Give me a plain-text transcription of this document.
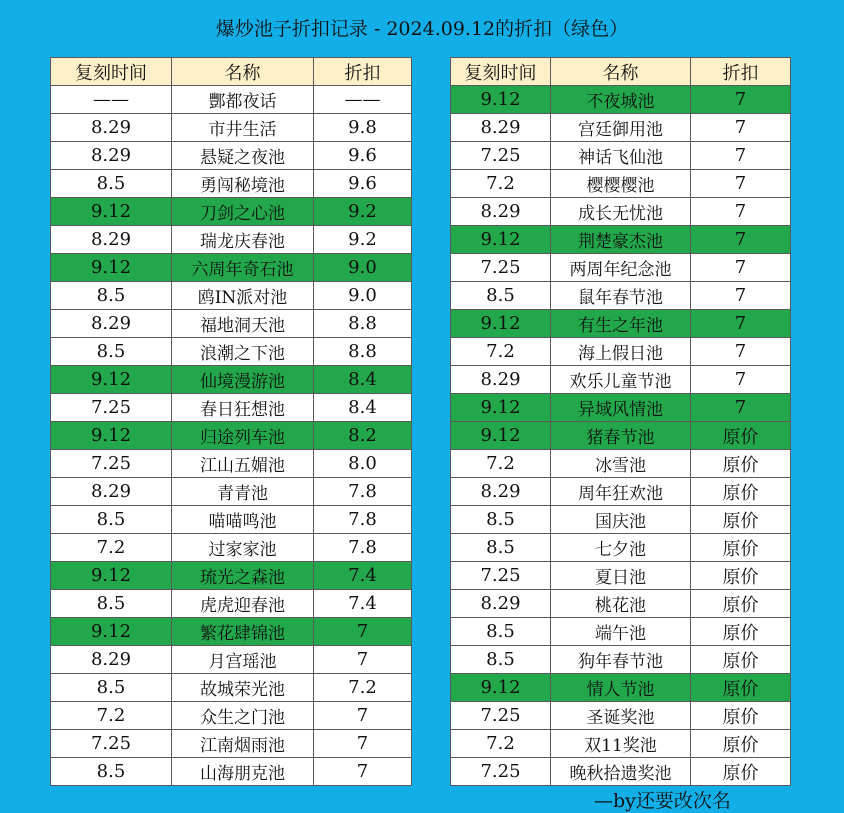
爆炒池子折扣记录 - 2024.09.12的折扣（绿色）
复刻时间	名称	折扣
——	酆都夜话	——
8.29	市井生活	9.8
8.29	悬疑之夜池	9.6
8.5	勇闯秘境池	9.6
9.12	刀剑之心池	9.2
8.29	瑞龙庆春池	9.2
9.12	六周年奇石池	9.0
8.5	鸥IN派对池	9.0
8.29	福地洞天池	8.8
8.5	浪潮之下池	8.8
9.12	仙境漫游池	8.4
7.25	春日狂想池	8.4
9.12	归途列车池	8.2
7.25	江山五媚池	8.0
8.29	青青池	7.8
8.5	喵喵鸣池	7.8
7.2	过家家池	7.8
9.12	琉光之森池	7.4
8.5	虎虎迎春池	7.4
9.12	繁花肆锦池	7
8.29	月宫瑶池	7
8.5	故城荣光池	7.2
7.2	众生之门池	7
7.25	江南烟雨池	7
8.5	山海朋克池	7
复刻时间	名称	折扣
9.12	不夜城池	7
8.29	宫廷御用池	7
7.25	神话飞仙池	7
7.2	樱樱樱池	7
8.29	成长无忧池	7
9.12	荆楚豪杰池	7
7.25	两周年纪念池	7
8.5	鼠年春节池	7
9.12	有生之年池	7
7.2	海上假日池	7
8.29	欢乐儿童节池	7
9.12	异域风情池	7
9.12	猪春节池	原价
7.2	冰雪池	原价
8.29	周年狂欢池	原价
8.5	国庆池	原价
8.5	七夕池	原价
7.25	夏日池	原价
8.29	桃花池	原价
8.5	端午池	原价
8.5	狗年春节池	原价
9.12	情人节池	原价
7.25	圣诞奖池	原价
7.2	双11奖池	原价
7.25	晚秋拾遗奖池	原价
—by还要改次名
